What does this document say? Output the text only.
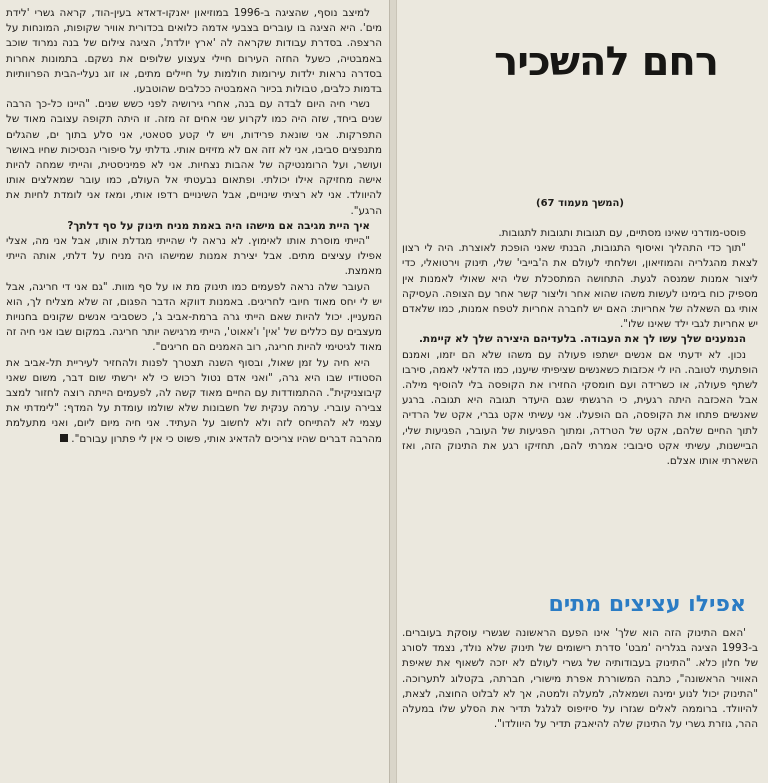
למיצב נוסף, שהציגה ב-1996 במוזיאון יאנקו-דאדא בעין-הוד, קראה גשרי 'לידת מים'. היא הציגה בו עוברים בצבעי אדמה כלואים בכדורית אוויר שקופות, המונחות על הרצפה. בסדרת עבודות שקראה לה 'ארץ יולדת', הציגה צילום של בנה נמרוד שוכב באמבטיה, כשעל החזה העירום חיילי צעצוע שלופים את נשקם. בתמונות אחרות בסדרה נראות ילדות עירומות חולמות על חיילים מתים, או זוג נעלי-הבית הפרוותיות בדמות כלבים, טבולות בכיור האמבטיה ככלבים שהוטבעו.

נשרי חיה היום לבדה עם בנה, אחרי גירושיה לפני כשש שנים. "היינו כל-כך הרבה שנים ביחד, שזה היה כמו לקרוע שני אחים זה מזה. זו היתה תקופה עצובה מאוד של התפרקות. אני שונאת פרידות, ויש לי קטע סטאטי, אני סלע בתוך ים, שהגלים מתנפצים סביבו, אני לא זזה אם לא מזיזים אותי. גדלתי על סיפורי הנסיכות שחיו באושר ועושר, ועל הרומנטיקה של אהבות נצחיות. אני לא פמיניסטית, והייתי שמחה להיות אישה מחזיקה אילו יכולתי. ופתאום נבעטתי אל העולם, כמו עובר שמאלצים אותו להיוולד. אני לא רציתי שינויים, אבל השינויים רדפו אותי, ומאז אני לומדת לחיות את הרגע".

איך היית מגיבה אם מישהו היה באמת מניח תינוק על סף דלתך?

"הייתי מוסרת אותו לאימוץ. לא נראה לי שהייתי מגדלת אותו, אבל אני מה, אצלי אפילו עציצים מתים. אבל יצירת אמנות שמישהו היה מניח על דלתי, אותה הייתי מאמצת.

העובר שלה נראה לפעמים כמו תינוק מת או על סף מוות. "גם אני די חריגה, אבל יש לי יחס מאוד חיובי לחריגים. באמנות דווקא הדבר הפגום, זה שלא מצליח לך, הוא המעניין. יכול להיות שאם הייתי גרה ברמת-אביב ג', כשסביבי אנשים שקונים בחנויות מעצבים עם כללים של 'אין' ו'אאוט', הייתי מרגישה יותר חריגה. במקום שבו אני חיה זה מאוד לגיטימי להיות חריגה, רוב האמנים הם חריגים".

היא חיה על זמן שאול, ובסוף השנה תצטרך לפנות ולהחזיר לעיריית תל-אביב את הסטודיו שבו היא גרה, "ואני אדם נטול רכוש כי לא ירשתי שום דבר, משום שאני קיבוצניקית". ההתמודדות עם החיים מאוד קשה לה, לפעמים הייתה רוצה לחזור למצב צבירה עוברי. ערמה ענקית של חשבונות שלא שולמו עומדת על המדף: "לימדתי את עצמי לא להתייחס לזה ולא לחשוב על העתיד. אני חיה מיום ליום, ואני מתעלמת מהרבה דברים שהיו צריכים להדאיג אותי, פשוט כי אין לי פתרון עבורם".

רחם להשכיר
(המשך מעמוד 67)

פוסט-מודרני שאינו מסתיים, עם תגובות ותגובות לתגובות.

"תוך כדי התהליך ואיסוף התגובות, הבנתי שאני הופכת לאוצרת. היה לי רצון לצאת מהגלריה והמוזיאון, ושלחתי לעולם את ה'בייבי' שלי, תינוק וירטואלי, כדי ליצור אמנות שמנסה לגעת. התחושה המתסכלת שלי היא שאולי לאמנות אין מספיק כוח בימינו לעשות משהו שהוא אחר וליצור קשר אחר עם הצופה. העסיקה אותי גם השאלה של אחריות: האם יש לחברה אחריות לטפח אמנות, כמו שלאדם יש אחריות לגבי ילד שאינו שלו".

הנמענים שלך עשו לך את העבודה. בלעדיהם היצירה שלך לא קיימת.

נכון. לא ידעתי אם אנשים ישתפו פעולה עם משהו שלא הם יזמו, ואמנם הופתעתי לטובה. היו לי אכזבות כשאנשים שציפיתי שיענו, כמו הדלאי לאמה, סירבו לשתף פעולה, או כשרידה ועם חומסקי החזירו את הקופסה בלי להוסיף מילה. אבל האכזבה היתה רגעית, כי הרגשתי שגם היעדר תגובה היא תגובה. ברגע שאנשים פתחו את הקופסה, הם הופעלו. אני עשיתי אקט גברי, אקט של הרדיה לתוך החיים שלהם, אקט של הטרדה, ומתוך הפגיעות של העובר, הפגיעות שלי, הביישנות, עשיתי אקט סיבובי: אמרתי להם, תחזיקו רגע את התינוק הזה, ואז השארתי אותו אצלם.

אפילו עציצים מתים

'האם התינוק הזה הוא שלך' אינו הפעם הראשונה שגשרי עוסקת בעוברים. ב-1993 הציגה בגלריה 'מבט' סדרת רישומים של תינוק שלא נולד, נצמד לסורג של חלון כלא. "התינוק בעבודותיה של גשרי לעולם לא יזכה לשאוף את שאיפת האוויר הראשונה", כתבה המשוררת אפרת מישורי, חברתה, בקטלוג לתערוכה. "התינוק יכול לנוע ימינה ושמאלה, למעלה ולמטה, אך לא לבלוט החוצה, לצאת, להיוולד. ברוממה לאלים שגזרו על סיזיפוס לגלגל תדיר את הסלע שלו במעלה ההר, גוזרת גשרי על התינוק שלה להיאבק תדיר על היוולדו".
